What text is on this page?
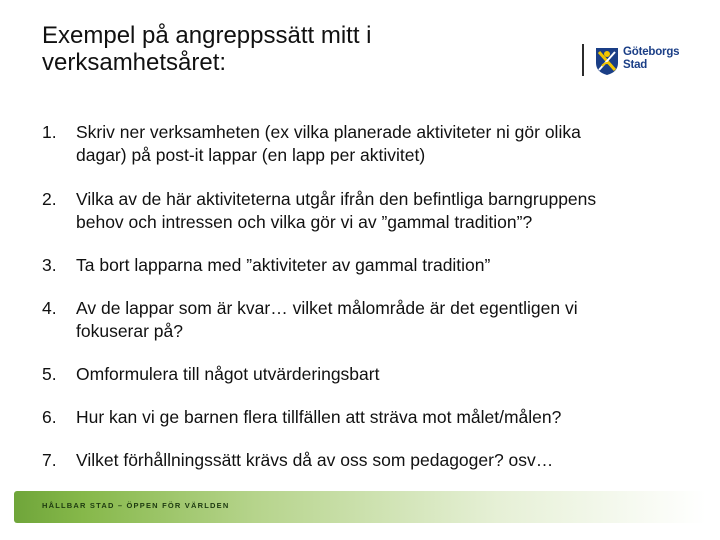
Exempel på angreppssätt mitt i
verksamhetsåret:	Göteborgs
Stad
1.	Skriv ner verksamheten (ex vilka planerade aktiviteter ni gör olika
dagar) på post-it lappar (en lapp per aktivitet)
2.	Vilka av de här aktiviteterna utgår ifrån den befintliga barngruppens
behov och intressen och vilka gör vi av ”gammal tradition”?
3.	Ta bort lapparna med ”aktiviteter av gammal tradition”
4.	Av de lappar som är kvar… vilket målområde är det egentligen vi
fokuserar på?
5.	Omformulera till något utvärderingsbart
6.	Hur kan vi ge barnen flera tillfällen att sträva mot målet/målen?
7.	Vilket förhållningssätt krävs då av oss som pedagoger? osv…
HÅLLBAR STAD – ÖPPEN FÖR VÄRLDEN
